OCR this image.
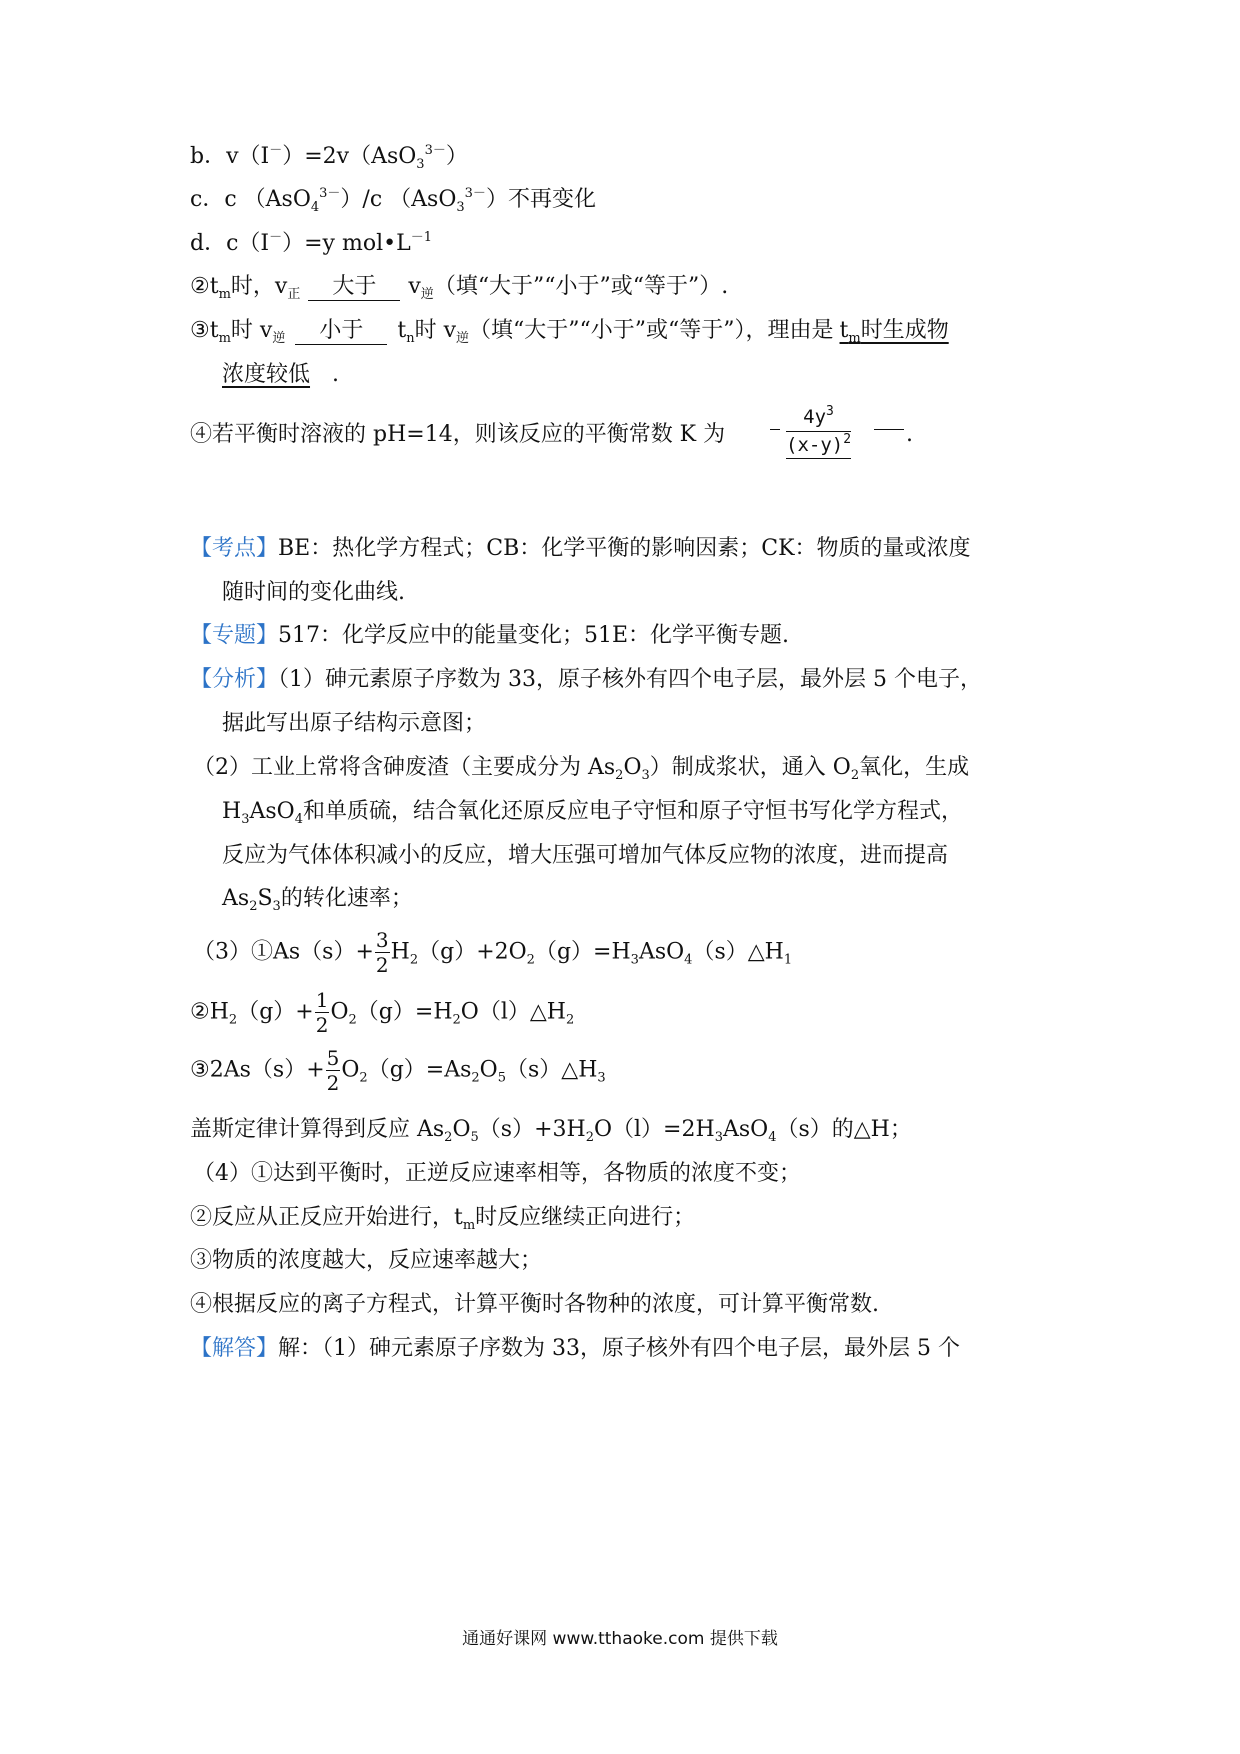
b．v（I－）=2v（AsO$_3^{3-}$）
c．c （AsO$_4^{3-}$）/c （AsO$_3^{3-}$）不再变化
d．c（I－）=y $mol•L^{-1}$
$②t_m$时，$v_正$ 大于 $v_逆$（填“大于”“小于”或“等于”）.
$③t_m$时 $v_逆$ 小于 $t_n$时 $v_逆$（填“大于”“小于”或“等于”），理由是 $t_m$时生成物
浓度较低 .
④若平衡时溶液的 pH=14，则该反应的平衡常数 K 为	$\frac{4y^3}{(x-y)^2}$ .
【考点】BE：热化学方程式；CB：化学平衡的影响因素；CK：物质的量或浓度
随时间的变化曲线.
【专题】517：化学反应中的能量变化；51E：化学平衡专题.
【分析】（1）砷元素原子序数为 33，原子核外有四个电子层，最外层 5 个电子，
据此写出原子结构示意图；
（2）工业上常将含砷废渣（主要成分为 $As_2O_3$）制成浆状，通入 $O_2$氧化，生成
$H_3AsO_4$和单质硫，结合氧化还原反应电子守恒和原子守恒书写化学方程式，
反应为气体体积减小的反应，增大压强可增加气体反应物的浓度，进而提高
$As_2S_3$的转化速率；
（3）①As（s）+ $\frac{3}{2}$ $H_2(g)+2O_2(g)=H_3AsO_4(s)\triangle H_1$
$②H_2(g)+ \frac{1}{2}$ $O_2(g)=H_2O(l)\triangle H_2$
③2As（s）+ $\frac{5}{2}$ $O_2(g)=As_2O_5(s)\triangle H_3$
盖斯定律计算得到反应 $As_2O_5(s)+3H_2O(l)=2H_3AsO_4(s)$的△H；
（4）①达到平衡时，正逆反应速率相等，各物质的浓度不变；
②反应从正反应开始进行，$t_m$时反应继续正向进行；
③物质的浓度越大，反应速率越大；
④根据反应的离子方程式，计算平衡时各物种的浓度，可计算平衡常数.
【解答】解：（1）砷元素原子序数为 33，原子核外有四个电子层，最外层 5 个
通通好课网 www.tthaoke.com 提供下载
